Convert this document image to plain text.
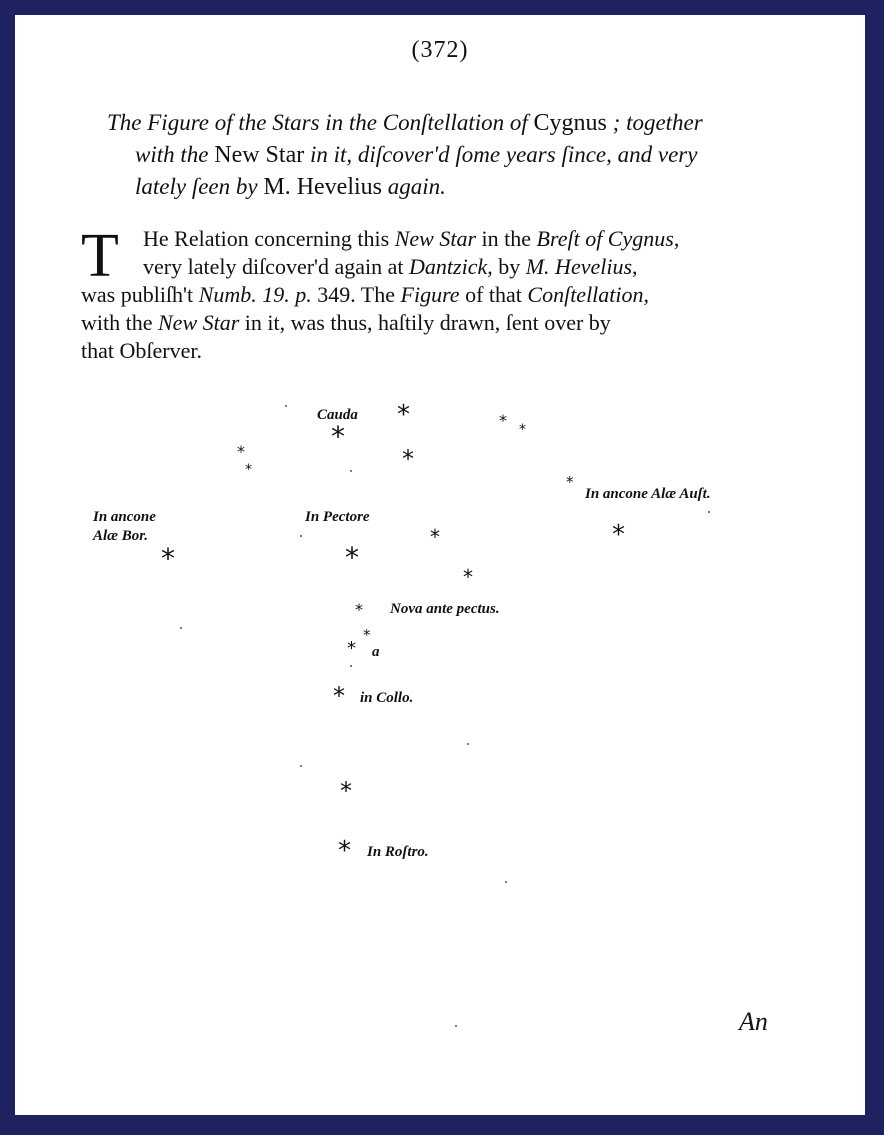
(372)
The Figure of the Stars in the Conſtellation of Cygnus ; together
with the New Star in it, diſcover'd ſome years ſince, and very
lately ſeen by M. Hevelius again.
T	He Relation concerning this New Star in the Breſt of Cygnus,
very lately diſcover'd again at Dantzick, by M. Hevelius,
was publiſh't Numb. 19. p. 349. The Figure of that Conſtellation,
with the New Star in it, was thus, haſtily drawn, ſent over by
that Obſerver.
Cauda *
*
*
* *
*
*
*
In ancone Alæ Auſt.
*
In ancone
Alæ Bor.
*
In Pectore
*
*
*
* Nova ante pectus.
*
* a
* in Collo.
*
* In Roſtro.
An
